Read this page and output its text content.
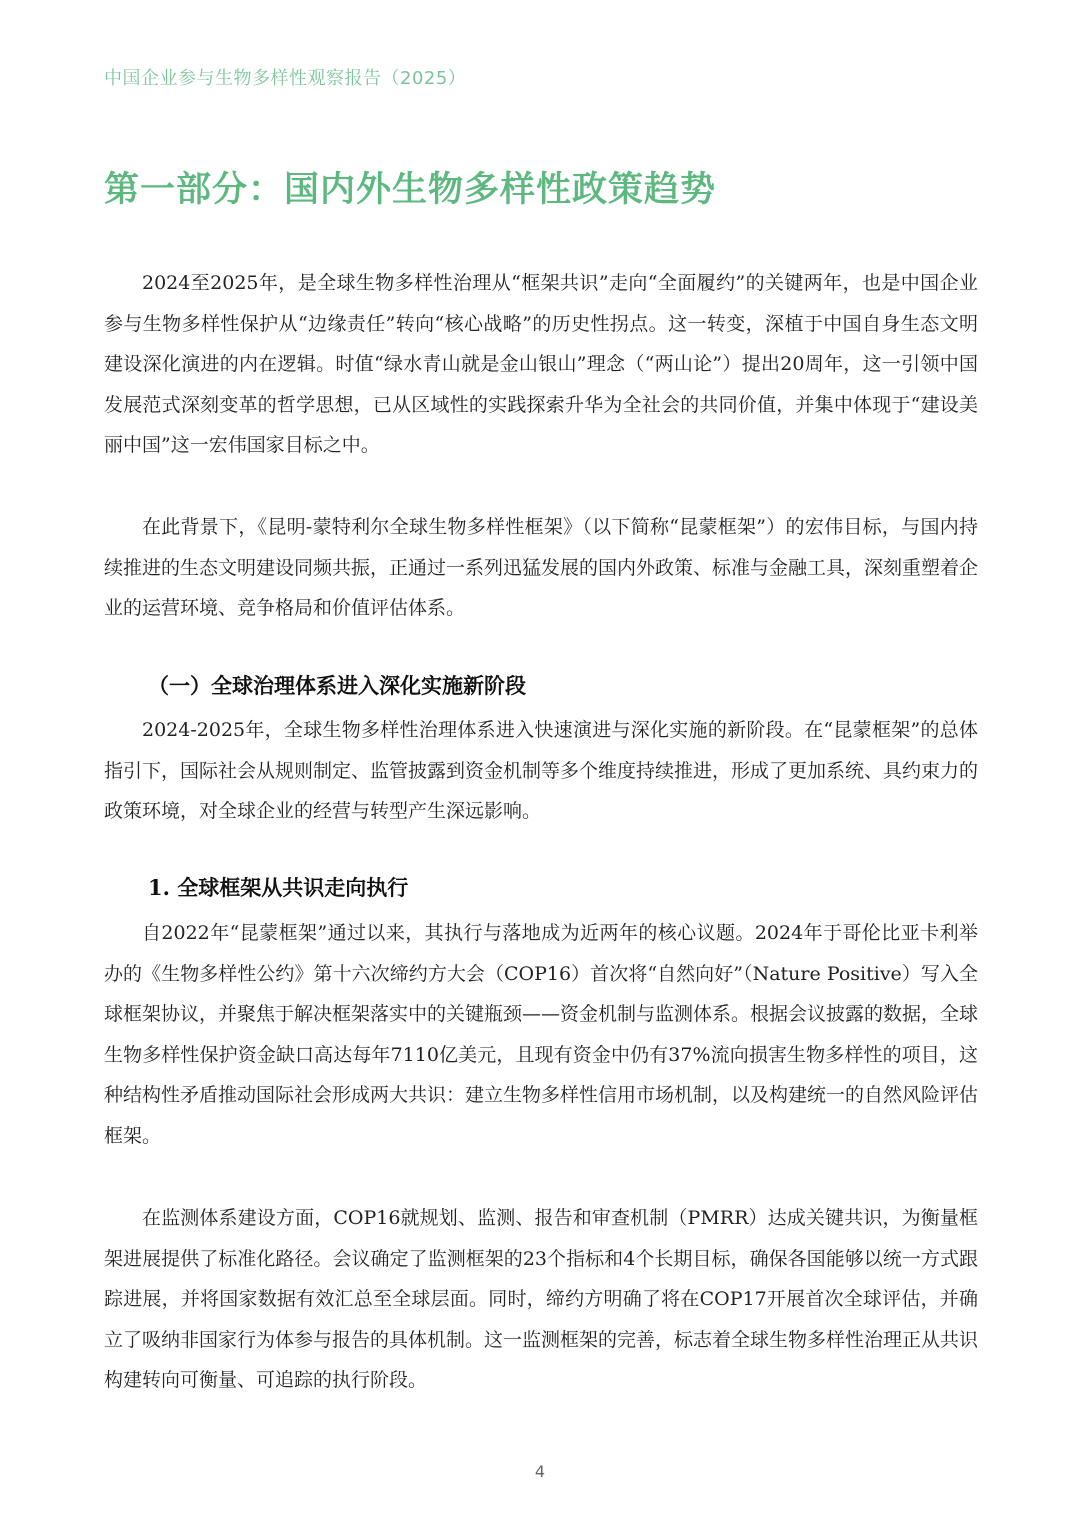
中国企业参与生物多样性观察报告（2025）
第一部分：国内外生物多样性政策趋势

2024至2025年，是全球生物多样性治理从“框架共识”走向“全面履约”的关键两年，也是中国企业参与生物多样性保护从“边缘责任”转向“核心战略”的历史性拐点。这一转变，深植于中国自身生态文明建设深化演进的内在逻辑。时值“绿水青山就是金山银山”理念（“两山论”）提出20周年，这一引领中国发展范式深刻变革的哲学思想，已从区域性的实践探索升华为全社会的共同价值，并集中体现于“建设美丽中国”这一宏伟国家目标之中。

在此背景下，《昆明-蒙特利尔全球生物多样性框架》（以下简称“昆蒙框架”）的宏伟目标，与国内持续推进的生态文明建设同频共振，正通过一系列迅猛发展的国内外政策、标准与金融工具，深刻重塑着企业的运营环境、竞争格局和价值评估体系。

（一）全球治理体系进入深化实施新阶段

2024-2025年，全球生物多样性治理体系进入快速演进与深化实施的新阶段。在“昆蒙框架”的总体指引下，国际社会从规则制定、监管披露到资金机制等多个维度持续推进，形成了更加系统、具约束力的政策环境，对全球企业的经营与转型产生深远影响。

1. 全球框架从共识走向执行

自2022年“昆蒙框架”通过以来，其执行与落地成为近两年的核心议题。2024年于哥伦比亚卡利举办的《生物多样性公约》第十六次缔约方大会（COP16）首次将“自然向好”（Nature Positive）写入全球框架协议，并聚焦于解决框架落实中的关键瓶颈——资金机制与监测体系。根据会议披露的数据，全球生物多样性保护资金缺口高达每年7110亿美元，且现有资金中仍有37%流向损害生物多样性的项目，这种结构性矛盾推动国际社会形成两大共识：建立生物多样性信用市场机制，以及构建统一的自然风险评估框架。

在监测体系建设方面，COP16就规划、监测、报告和审查机制（PMRR）达成关键共识，为衡量框架进展提供了标准化路径。会议确定了监测框架的23个指标和4个长期目标，确保各国能够以统一方式跟踪进展，并将国家数据有效汇总至全球层面。同时，缔约方明确了将在COP17开展首次全球评估，并确立了吸纳非国家行为体参与报告的具体机制。这一监测框架的完善，标志着全球生物多样性治理正从共识构建转向可衡量、可追踪的执行阶段。

4
